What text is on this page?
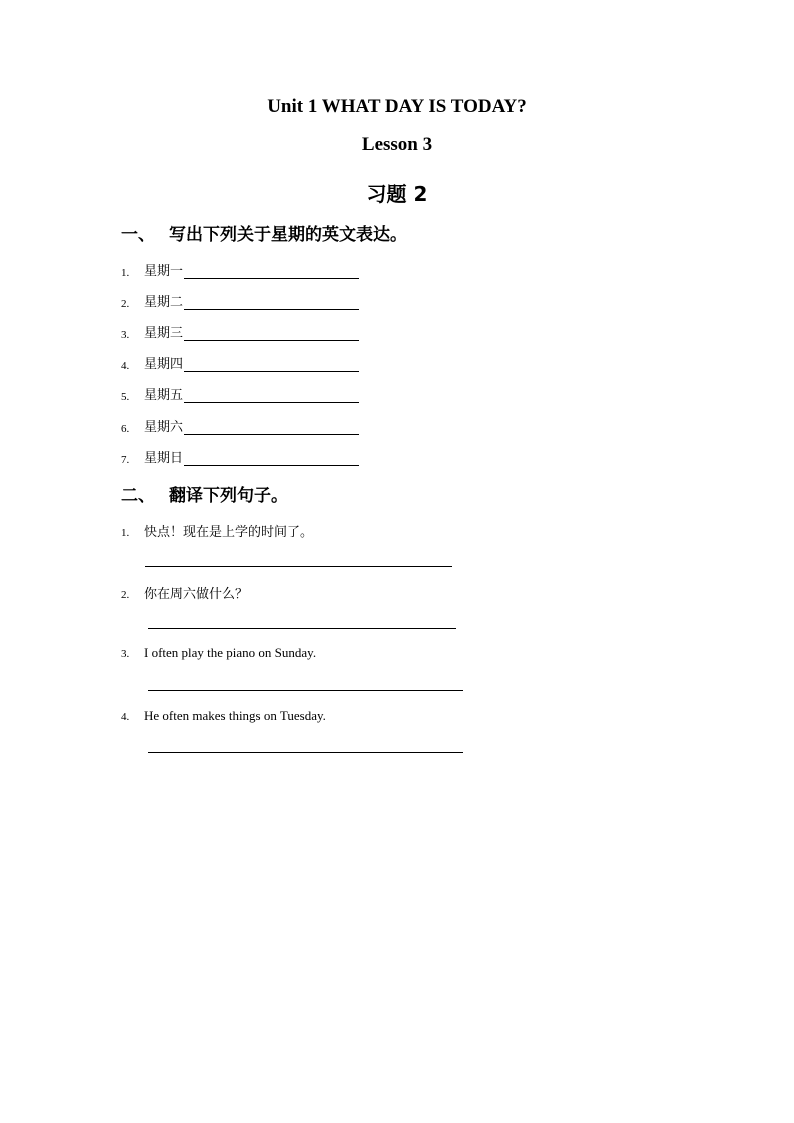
Unit 1 WHAT DAY IS TODAY?
Lesson 3
习题 2
一、 写出下列关于星期的英文表达。
1.	星期一
2.	星期二
3.	星期三
4.	星期四
5.	星期五
6.	星期六
7.	星期日
二、 翻译下列句子。
1. 快点！现在是上学的时间了。
2. 你在周六做什么？
3. I often play the piano on Sunday.
4. He often makes things on Tuesday.
